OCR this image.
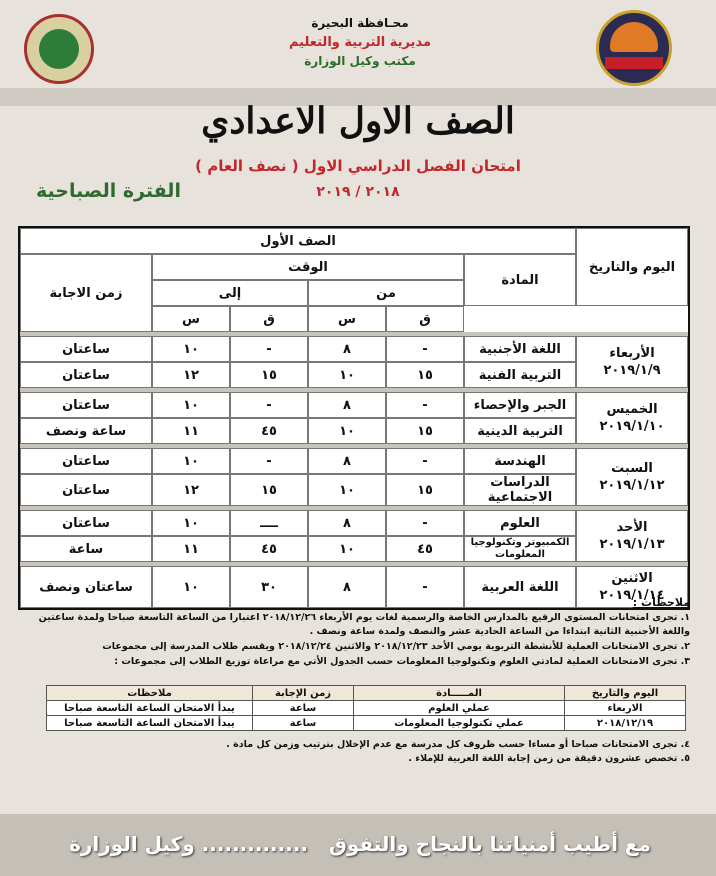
محـافظة البحيرة
مديرية التربية والتعليم
مكتب وكيل الوزارة
الصف الاول الاعدادي
امتحان الفصل الدراسي الاول ( نصف العام )
٢٠١٨ / ٢٠١٩
الفترة الصباحية
اليوم والتاريخ	الصف الأول					
	المادة	الوقت				زمن الاجابة
		من		إلى		
		ق	س	ق	س	

الأربعاء
٢٠١٩/١/٩	اللغة الأجنبية	-	٨	-	١٠	ساعتان
	التربية الفنية	١٥	١٠	١٥	١٢	ساعتان

الخميس
٢٠١٩/١/١٠	الجبر والإحصاء	-	٨	-	١٠	ساعتان
	التربية الدينية	١٥	١٠	٤٥	١١	ساعة ونصف

السبت
٢٠١٩/١/١٢	الهندسة	-	٨	-	١٠	ساعتان
	الدراسات الاجتماعية	١٥	١٠	١٥	١٢	ساعتان

الأحد
٢٠١٩/١/١٣	العلوم	-	٨	ــــ	١٠	ساعتان
	الكمبيوتر وتكنولوجيا المعلومات	٤٥	١٠	٤٥	١١	ساعة

الاثنين
٢٠١٩/١/١٤	اللغة العربية	-	٨	٣٠	١٠	ساعتان ونصف

ملاحظات :

١. تجرى امتحانات المستوى الرفيع بالمدارس الخاصة والرسمية لغات يوم الأربعاء ٢٠١٨/١٢/٢٦ اعتبارا من الساعة التاسعة صباحا ولمدة ساعتين واللغة الأجنبية الثانية ابتداءا من الساعة الحادية عشر والنصف ولمدة ساعة ونصف .

٢. تجرى الامتحانات العملية للأنشطة التربوية يومي الأحد ٢٠١٨/١٢/٢٣ والاثنين ٢٠١٨/١٢/٢٤ ويقسم طلاب المدرسة إلى مجموعات

٣. تجرى الامتحانات العملية لمادتي العلوم وتكنولوجيا المعلومات حسب الجدول الأتي مع مراعاة توزيع الطلاب إلى مجموعات :

اليوم والتاريخ	المـــــادة	زمن الإجابة	ملاحظات
الاربعاء	عملي العلوم	ساعة	يبدأ الامتحان الساعة التاسعة صباحا
٢٠١٨/١٢/١٩	عملي تكنولوجيا المعلومات	ساعة	يبدأ الامتحان الساعة التاسعة صباحا

٤. تجرى الامتحانات صباحا أو مساءا حسب ظروف كل مدرسة مع عدم الإخلال بترتيب وزمن كل مادة .

٥. تخصص عشرون دقيقة من زمن إجابة اللغة العربية للإملاء .

مع أطيب أمنياتنا بالنجاح والتفوق   .............. وكيل الوزارة
